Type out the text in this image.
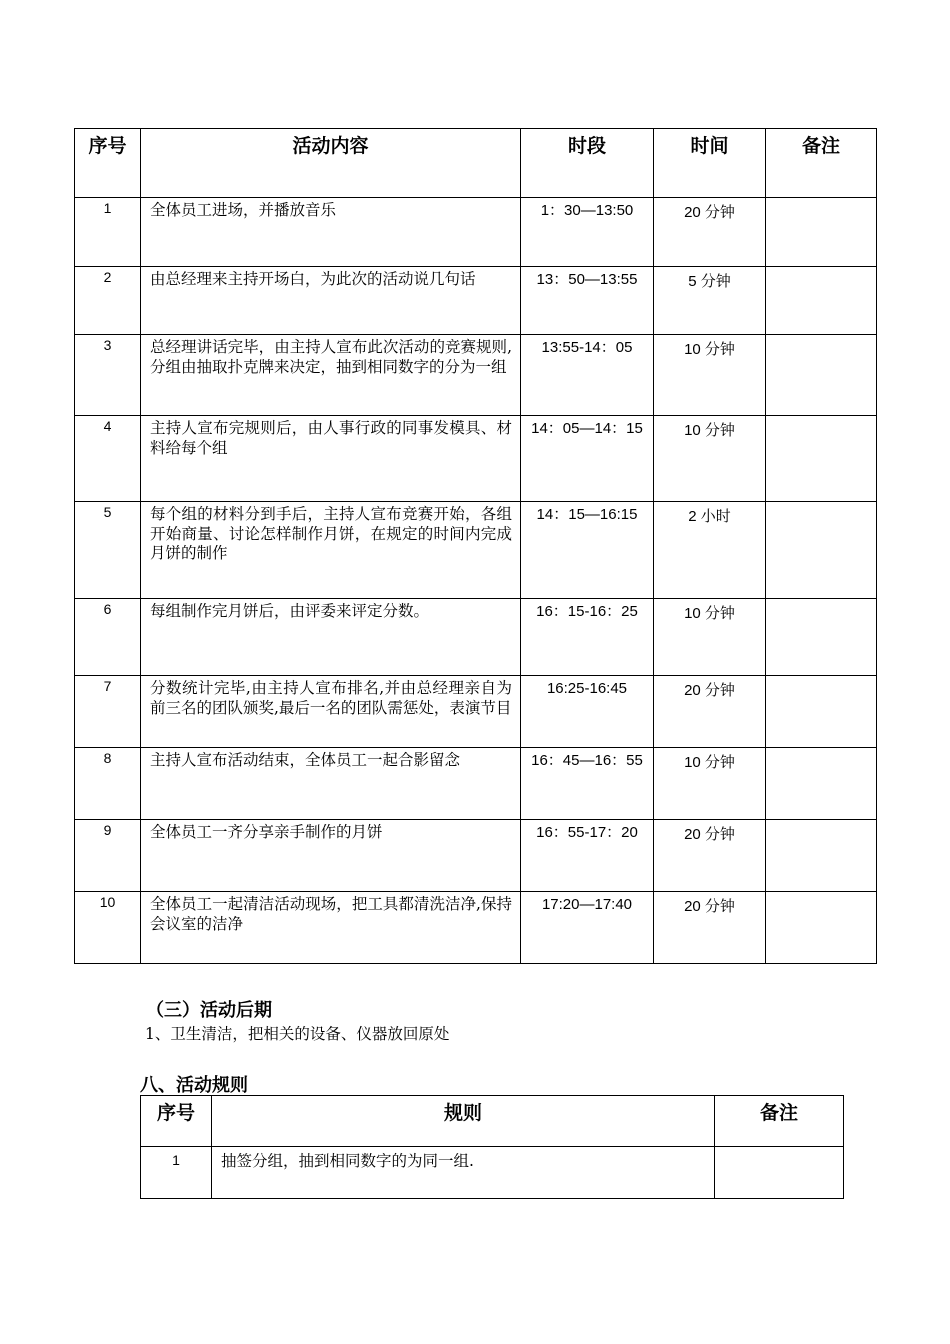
序号	活动内容	时段	时间	备注
1	全体员工进场，并播放音乐	1：30—13:50	20 分钟	
2	由总经理来主持开场白，为此次的活动说几句话	13：50—13:55	5 分钟	
3	总经理讲话完毕，由主持人宣布此次活动的竞赛规则,分组由抽取扑克牌来决定，抽到相同数字的分为一组	13:55-14：05	10 分钟	
4	主持人宣布完规则后，由人事行政的同事发模具、材料给每个组	14：05—14：15	10 分钟	
5	每个组的材料分到手后，主持人宣布竞赛开始，各组开始商量、讨论怎样制作月饼，在规定的时间内完成月饼的制作	14：15—16:15	2 小时	
6	每组制作完月饼后，由评委来评定分数。	16：15-16：25	10 分钟	
7	分数统计完毕,由主持人宣布排名,并由总经理亲自为前三名的团队颁奖,最后一名的团队需惩处，表演节目	16:25-16:45	20 分钟	
8	主持人宣布活动结束，全体员工一起合影留念	16：45—16：55	10 分钟	
9	全体员工一齐分享亲手制作的月饼	16：55-17：20	20 分钟	
10	全体员工一起清洁活动现场，把工具都清洗洁净,保持会议室的洁净	17:20—17:40	20 分钟	
（三）活动后期
1、卫生清洁，把相关的设备、仪器放回原处
八、活动规则
序号	规则	备注
1	抽签分组，抽到相同数字的为同一组.	
